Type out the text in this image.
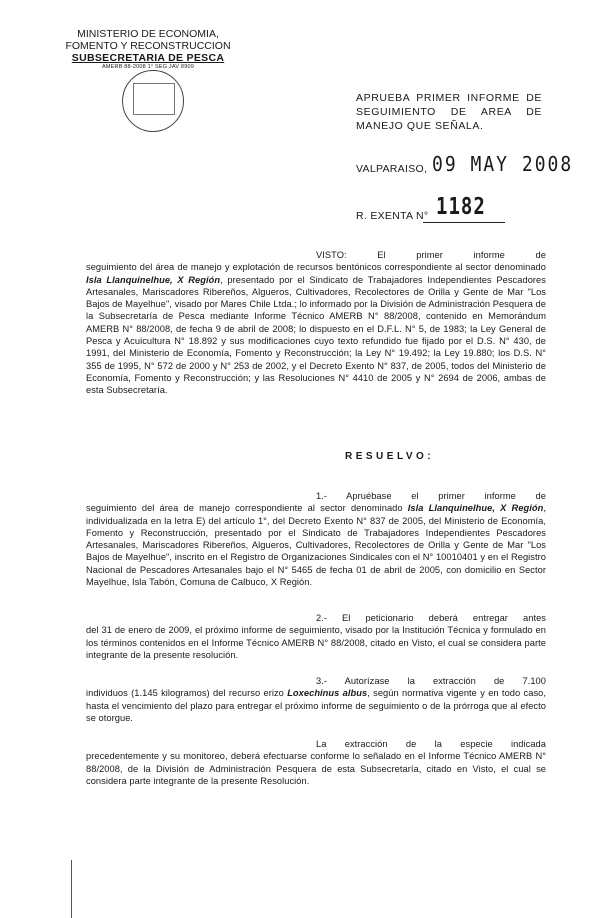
MINISTERIO DE ECONOMIA,
FOMENTO Y RECONSTRUCCION
SUBSECRETARIA DE PESCA
AMERB 88-2008 1° SEG JAV 8909
APRUEBA PRIMER INFORME DE
SEGUIMIENTO DE AREA DE
MANEJO QUE SEÑALA.
VALPARAISO, 09 MAY 2008
R. EXENTA N° 1182

VISTO: El primer informe de

seguimiento del área de manejo y explotación de recursos bentónicos correspondiente al sector denominado Isla Llanquinelhue, X Región, presentado por el Sindicato de Trabajadores Independientes Pescadores Artesanales, Mariscadores Ribereños, Algueros, Cultivadores, Recolectores de Orilla y Gente de Mar "Los Bajos de Mayelhue", visado por Mares Chile Ltda.; lo informado por la División de Administración Pesquera de la Subsecretaría de Pesca mediante Informe Técnico AMERB N° 88/2008, contenido en Memorándum AMERB N° 88/2008, de fecha 9 de abril de 2008; lo dispuesto en el D.F.L. N° 5, de 1983; la Ley General de Pesca y Acuicultura N° 18.892 y sus modificaciones cuyo texto refundido fue fijado por el D.S. N° 430, de 1991, del Ministerio de Economía, Fomento y Reconstrucción; la Ley N° 19.492; la Ley 19.880; los D.S. N° 355 de 1995, N° 572 de 2000 y N° 253 de 2002, y el Decreto Exento N° 837, de 2005, todos del Ministerio de Economía, Fomento y Reconstrucción; y las Resoluciones N° 4410 de 2005 y N° 2694 de 2006, ambas de esta Subsecretaría.

RESUELVO:

1.- Apruébase el primer informe de

seguimiento del área de manejo correspondiente al sector denominado Isla Llanquinelhue, X Región, individualizada en la letra E) del artículo 1°, del Decreto Exento N° 837 de 2005, del Ministerio de Economía, Fomento y Reconstrucción, presentado por el Sindicato de Trabajadores Independientes Pescadores Artesanales, Mariscadores Ribereños, Algueros, Cultivadores, Recolectores de Orilla y Gente de Mar "Los Bajos de Mayelhue", inscrito en el Registro de Organizaciones Sindicales con el N° 10010401 y en el Registro Nacional de Pescadores Artesanales bajo el N° 5465 de fecha 01 de abril de 2005, con domicilio en Sector Mayelhue, Isla Tabón, Comuna de Calbuco, X Región.

2.- El peticionario deberá entregar antes

del 31 de enero de 2009, el próximo informe de seguimiento, visado por la Institución Técnica y formulado en los términos contenidos en el Informe Técnico AMERB N° 88/2008, citado en Visto, el cual se considera parte integrante de la presente resolución.

3.- Autorízase la extracción de 7.100

individuos (1.145 kilogramos) del recurso erizo Loxechinus albus, según normativa vigente y en todo caso, hasta el vencimiento del plazo para entregar el próximo informe de seguimiento o de la prórroga que al efecto se otorgue.

La extracción de la especie indicada

precedentemente y su monitoreo, deberá efectuarse conforme lo señalado en el Informe Técnico AMERB N° 88/2008, de la División de Administración Pesquera de esta Subsecretaría, citado en Visto, el cual se considera parte integrante de la presente Resolución.
